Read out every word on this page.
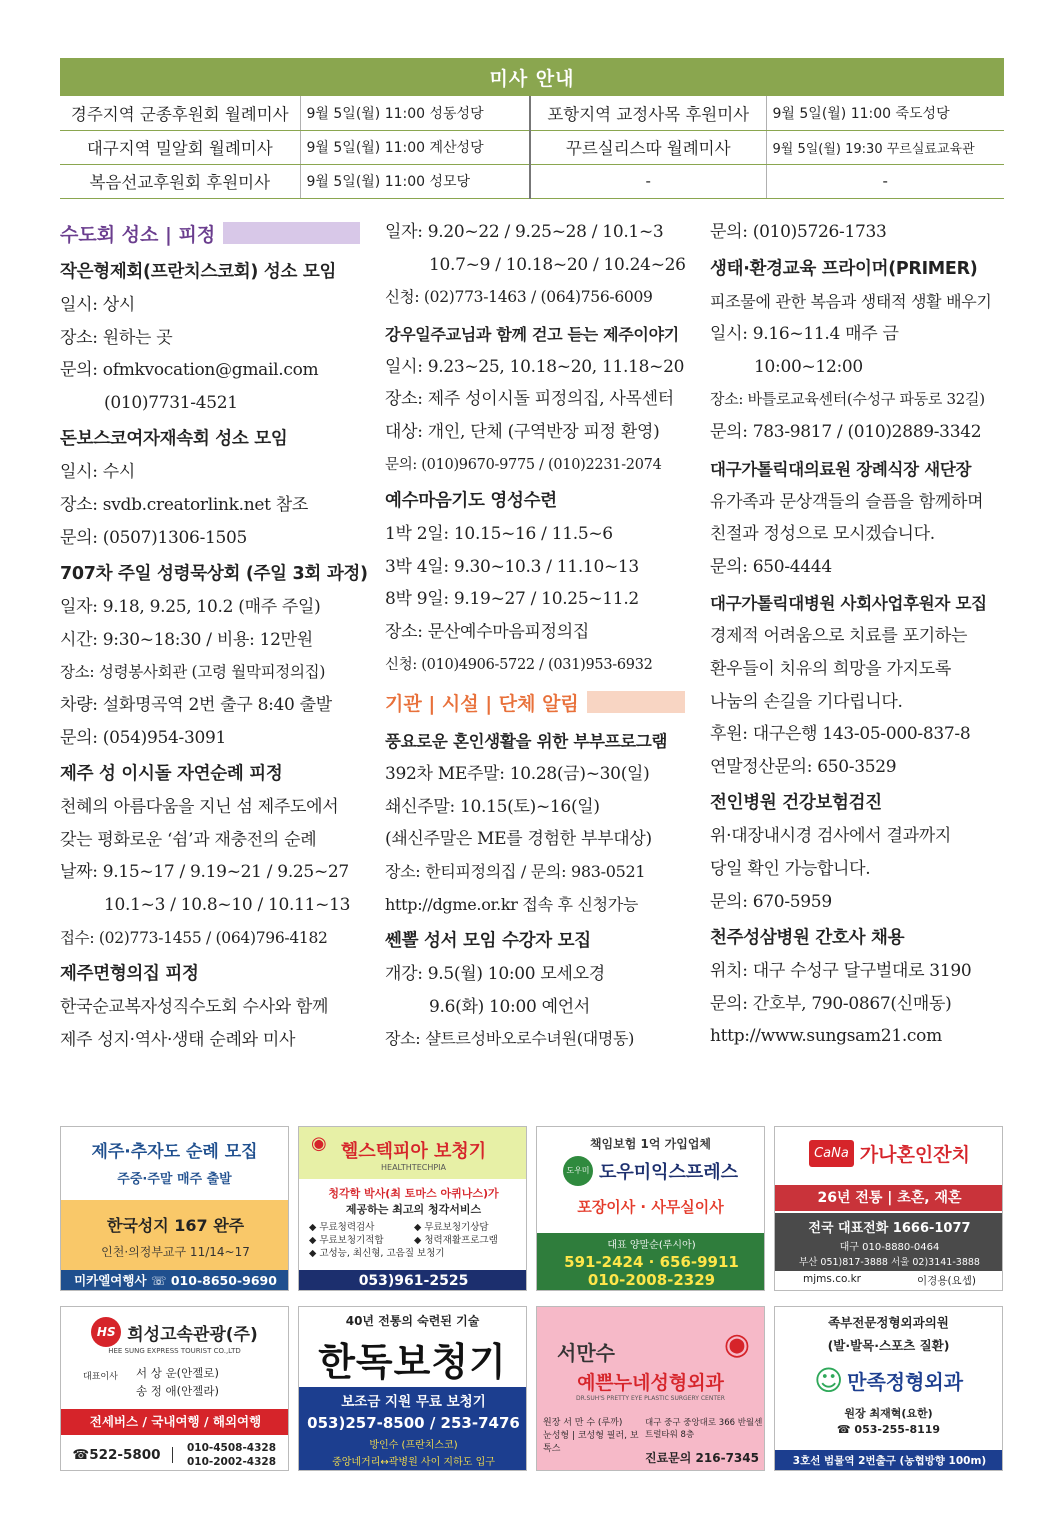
미사 안내
경주지역 군종후원회 월례미사	9월 5일(월) 11:00 성동성당	포항지역 교정사목 후원미사	9월 5일(월) 11:00 죽도성당
대구지역 밀알회 월례미사	9월 5일(월) 11:00 계산성당	꾸르실리스따 월례미사	9월 5일(월) 19:30 꾸르실료교육관
복음선교후원회 후원미사	9월 5일(월) 11:00 성모당	-	-
수도회 성소 | 피정
작은형제회(프란치스코회) 성소 모임
일시: 상시
장소: 원하는 곳
문의: ofmkvocation@gmail.com
(010)7731-4521
돈보스코여자재속회 성소 모임
일시: 수시
장소: svdb.creatorlink.net 참조
문의: (0507)1306-1505
707차 주일 성령묵상회 (주일 3회 과정)
일자: 9.18, 9.25, 10.2 (매주 주일)
시간: 9:30~18:30 / 비용: 12만원
장소: 성령봉사회관 (고령 월막피정의집)
차량: 설화명곡역 2번 출구 8:40 출발
문의: (054)954-3091
제주 성 이시돌 자연순례 피정
천혜의 아름다움을 지닌 섬 제주도에서
갖는 평화로운 ‘쉼’과 재충전의 순례
날짜: 9.15~17 / 9.19~21 / 9.25~27
10.1~3 / 10.8~10 / 10.11~13
접수: (02)773-1455 / (064)796-4182
제주면형의집 피정
한국순교복자성직수도회 수사와 함께
제주 성지·역사·생태 순례와 미사
일자: 9.20~22 / 9.25~28 / 10.1~3
10.7~9 / 10.18~20 / 10.24~26
신청: (02)773-1463 / (064)756-6009
강우일주교님과 함께 걷고 듣는 제주이야기
일시: 9.23~25, 10.18~20, 11.18~20
장소: 제주 성이시돌 피정의집, 사목센터
대상: 개인, 단체 (구역반장 피정 환영)
문의: (010)9670-9775 / (010)2231-2074
예수마음기도 영성수련
1박 2일: 10.15~16 / 11.5~6
3박 4일: 9.30~10.3 / 11.10~13
8박 9일: 9.19~27 / 10.25~11.2
장소: 문산예수마음피정의집
신청: (010)4906-5722 / (031)953-6932
기관 | 시설 | 단체 알림
풍요로운 혼인생활을 위한 부부프로그램
392차 ME주말: 10.28(금)~30(일)
쇄신주말: 10.15(토)~16(일)
(쇄신주말은 ME를 경험한 부부대상)
장소: 한티피정의집 / 문의: 983-0521
http://dgme.or.kr 접속 후 신청가능
쎈뽈 성서 모임 수강자 모집
개강: 9.5(월) 10:00 모세오경
9.6(화) 10:00 예언서
장소: 샬트르성바오로수녀원(대명동)
문의: (010)5726-1733
생태·환경교육 프라이머(PRIMER)
피조물에 관한 복음과 생태적 생활 배우기
일시: 9.16~11.4 매주 금
10:00~12:00
장소: 바틀로교육센터(수성구 파동로 32길)
문의: 783-9817 / (010)2889-3342
대구가톨릭대의료원 장례식장 새단장
유가족과 문상객들의 슬픔을 함께하며
친절과 정성으로 모시겠습니다.
문의: 650-4444
대구가톨릭대병원 사회사업후원자 모집
경제적 어려움으로 치료를 포기하는
환우들이 치유의 희망을 가지도록
나눔의 손길을 기다립니다.
후원: 대구은행 143-05-000-837-8
연말정산문의: 650-3529
전인병원 건강보험검진
위·대장내시경 검사에서 결과까지
당일 확인 가능합니다.
문의: 670-5959
천주성삼병원 간호사 채용
위치: 대구 수성구 달구벌대로 3190
문의: 간호부, 790-0867(신매동)
http://www.sungsam21.com
제주·추자도 순례 모집
주중·주말 매주 출발
한국성지 167 완주
인천·의정부교구 11/14~17
미카엘여행사 ☏ 010-8650-9690
◉ 헬스텍피아 보청기
HEALTHTECHPIA
청각학 박사(최 토마스 아퀴나스)가
제공하는 최고의 청각서비스
◆ 무료청력검사	◆ 무료보청기상담
◆ 무료보청기적합	◆ 청력재활프로그램
◆ 고성능, 최신형, 고음질 보청기
053)961-2525
책임보험 1억 가입업체
도우미 도우미익스프레스
포장이사 · 사무실이사
대표 양말순(루시아)
591-2424 · 656-9911
010-2008-2329
CaNa 가나혼인잔치
26년 전통 | 초혼, 재혼
전국 대표전화 1666-1077
대구 010-8880-0464
부산 051)817-3888 서울 02)3141-3888
mjms.co.kr	이경용(요셉)
HS 희성고속관광(주)
HEE SUNG EXPRESS TOURIST CO.,LTD
대표이사 서 상 운(안젤로)
송 정 애(안젤라)
전세버스 / 국내여행 / 해외여행
☎522-5800	010-4508-4328
010-2002-4328
40년 전통의 숙련된 기술
한독보청기
보조금 지원 무료 보청기
053)257-8500 / 253-7476
방인수 (프란치스코)
중앙네거리↔곽병원 사이 지하도 입구
◉
서만수
예쁜누네성형외과
DR.SUH'S PRETTY EYE PLASTIC SURGERY CENTER
원장 서 만 수 (루까)
눈성형 | 코성형 필러, 보톡스
대구 중구 중앙대로 366 반월센트럴타워 8층
진료문의 216-7345
족부전문정형외과의원
(발·발목·스포츠 질환)
☺ 만족정형외과
원장 최재혁(요한)
☎ 053-255-8119
3호선 범물역 2번출구 (농협방향 100m)
